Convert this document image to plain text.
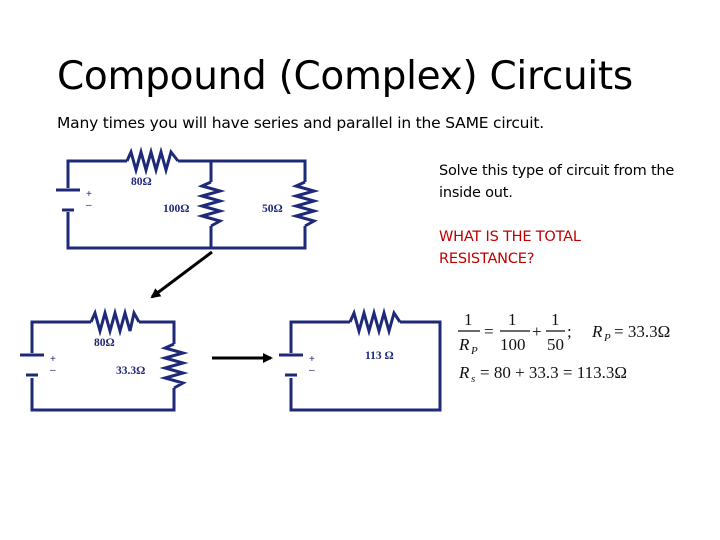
Compound (Complex) Circuits
Many times you will have series and parallel in the SAME circuit.
Solve this type of circuit from the inside out.
WHAT IS THE TOTAL RESISTANCE?
+
–
80Ω
100Ω	50Ω
+
–
80Ω
33.3Ω
+
–
113 Ω
1
R P
=
1
100
+
1
50
; R P = 33.3Ω
R s = 80 + 33.3 = 113.3Ω
